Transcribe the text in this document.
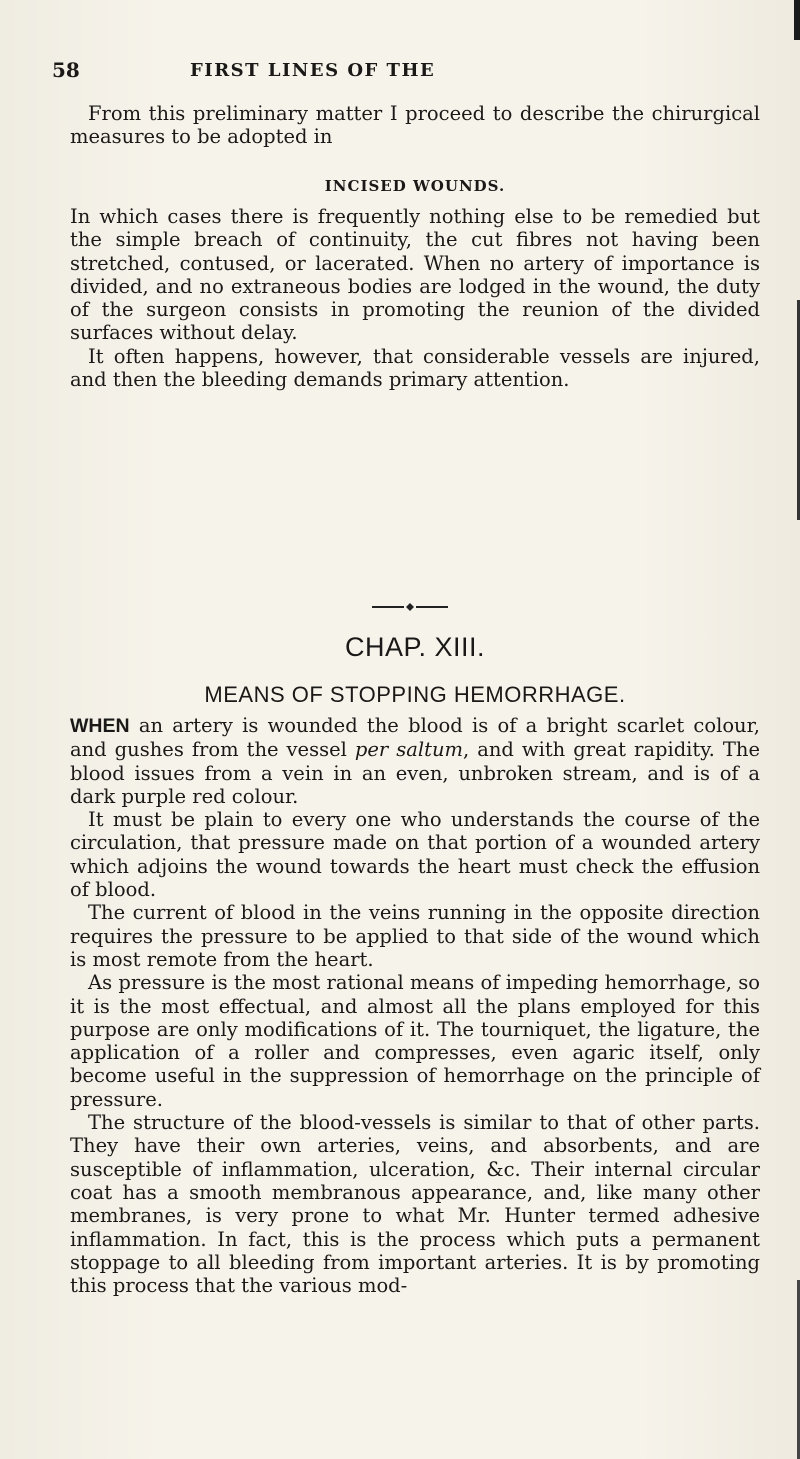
58	FIRST LINES OF THE

From this preliminary matter I proceed to describe the chirurgical measures to be adopted in

INCISED WOUNDS.

In which cases there is frequently nothing else to be remedied but the simple breach of continuity, the cut fibres not having been stretched, contused, or lacerated. When no artery of importance is divided, and no extraneous bodies are lodged in the wound, the duty of the surgeon consists in promoting the reunion of the divided surfaces without delay.

It often happens, however, that considerable vessels are injured, and then the bleeding demands primary attention.

CHAP. XIII.
MEANS OF STOPPING HEMORRHAGE.

WHEN an artery is wounded the blood is of a bright scarlet colour, and gushes from the vessel per saltum, and with great rapidity. The blood issues from a vein in an even, unbroken stream, and is of a dark purple red colour.

It must be plain to every one who understands the course of the circulation, that pressure made on that portion of a wounded artery which adjoins the wound towards the heart must check the effusion of blood.

The current of blood in the veins running in the opposite direction requires the pressure to be applied to that side of the wound which is most remote from the heart.

As pressure is the most rational means of impeding hemorrhage, so it is the most effectual, and almost all the plans employed for this purpose are only modifications of it. The tourniquet, the ligature, the application of a roller and compresses, even agaric itself, only become useful in the suppression of hemorrhage on the principle of pressure.

The structure of the blood-vessels is similar to that of other parts. They have their own arteries, veins, and absorbents, and are susceptible of inflammation, ulceration, &c. Their internal circular coat has a smooth membranous appearance, and, like many other membranes, is very prone to what Mr. Hunter termed adhesive inflammation. In fact, this is the process which puts a permanent stoppage to all bleeding from important arteries. It is by promoting this process that the various mod-
